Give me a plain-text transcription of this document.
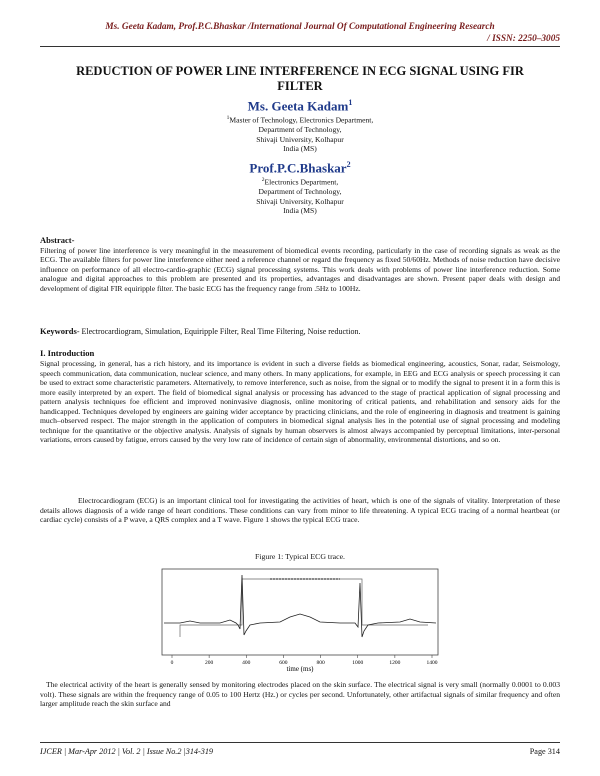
Ms. Geeta Kadam, Prof.P.C.Bhaskar /International Journal Of Computational Engineering Research
/ ISSN: 2250–3005
REDUCTION OF POWER LINE INTERFERENCE IN ECG SIGNAL USING FIR FILTER
Ms. Geeta Kadam$^1$
$^1$Master of Technology, Electronics Department,
Department of Technology,
Shivaji University, Kolhapur
India (MS)
Prof.P.C.Bhaskar$^2$
$^2$Electronics Department,
Department of Technology,
Shivaji University, Kolhapur
India (MS)
Abstract-
Filtering of power line interference is very meaningful in the measurement of biomedical events recording, particularly in the case of recording signals as weak as the ECG. The available filters for power line interference either need a reference channel or regard the frequency as fixed 50/60Hz. Methods of noise reduction have decisive influence on performance of all electro-cardio-graphic (ECG) signal processing systems. This work deals with problems of power line interference reduction. Some analogue and digital approaches to this problem are presented and its properties, advantages and disadvantages are shown. Present paper deals with design and development of digital FIR equiripple filter. The basic ECG has the frequency range from .5Hz to 100Hz.
Keywords- Electrocardiogram, Simulation, Equiripple Filter, Real Time Filtering, Noise reduction.
I. Introduction
Signal processing, in general, has a rich history, and its importance is evident in such a diverse fields as biomedical engineering, acoustics, Sonar, radar, Seismology, speech communication, data communication, nuclear science, and many others. In many applications, for example, in EEG and ECG analysis or speech processing it can be used to extract some characteristic parameters. Alternatively, to remove interference, such as noise, from the signal or to modify the signal to present it in a form this is more easily interpreted by an expert. The field of biomedical signal analysis or processing has advanced to the stage of practical application of signal processing and pattern analysis techniques foe efficient and improved noninvasive diagnosis, online monitoring of critical patients, and rehabilitation and sensory aids for the handicapped. Techniques developed by engineers are gaining wider acceptance by practicing clinicians, and the role of engineering in diagnosis and treatment is gaining much–observed respect. The major strength in the application of computers in biomedical signal analysis lies in the potential use of signal processing and modeling technique for the quantitative or the objective analysis. Analysis of signals by human observers is almost always accompanied by perceptual limitations, inter-personal variations, errors caused by fatigue, errors caused by the very low rate of incidence of certain sign of abnormality, environmental distortions, and so on.
Electrocardiogram (ECG) is an important clinical tool for investigating the activities of heart, which is one of the signals of vitality. Interpretation of these details allows diagnosis of a wide range of heart conditions. These conditions can vary from minor to life threatening. A typical ECG tracing of a normal heartbeat (or cardiac cycle) consists of a P wave, a QRS complex and a T wave. Figure 1 shows the typical ECG trace.
Figure 1: Typical ECG trace.
0	200	400	600	800	1000	1200	1400
time (ms)
The electrical activity of the heart is generally sensed by monitoring electrodes placed on the skin surface. The electrical signal is very small (normally 0.0001 to 0.003 volt). These signals are within the frequency range of 0.05 to 100 Hertz (Hz.) or cycles per second. Unfortunately, other artifactual signals of similar frequency and often larger amplitude reach the skin surface and
IJCER | Mar-Apr 2012 | Vol. 2 | Issue No.2 |314-319	Page 314
